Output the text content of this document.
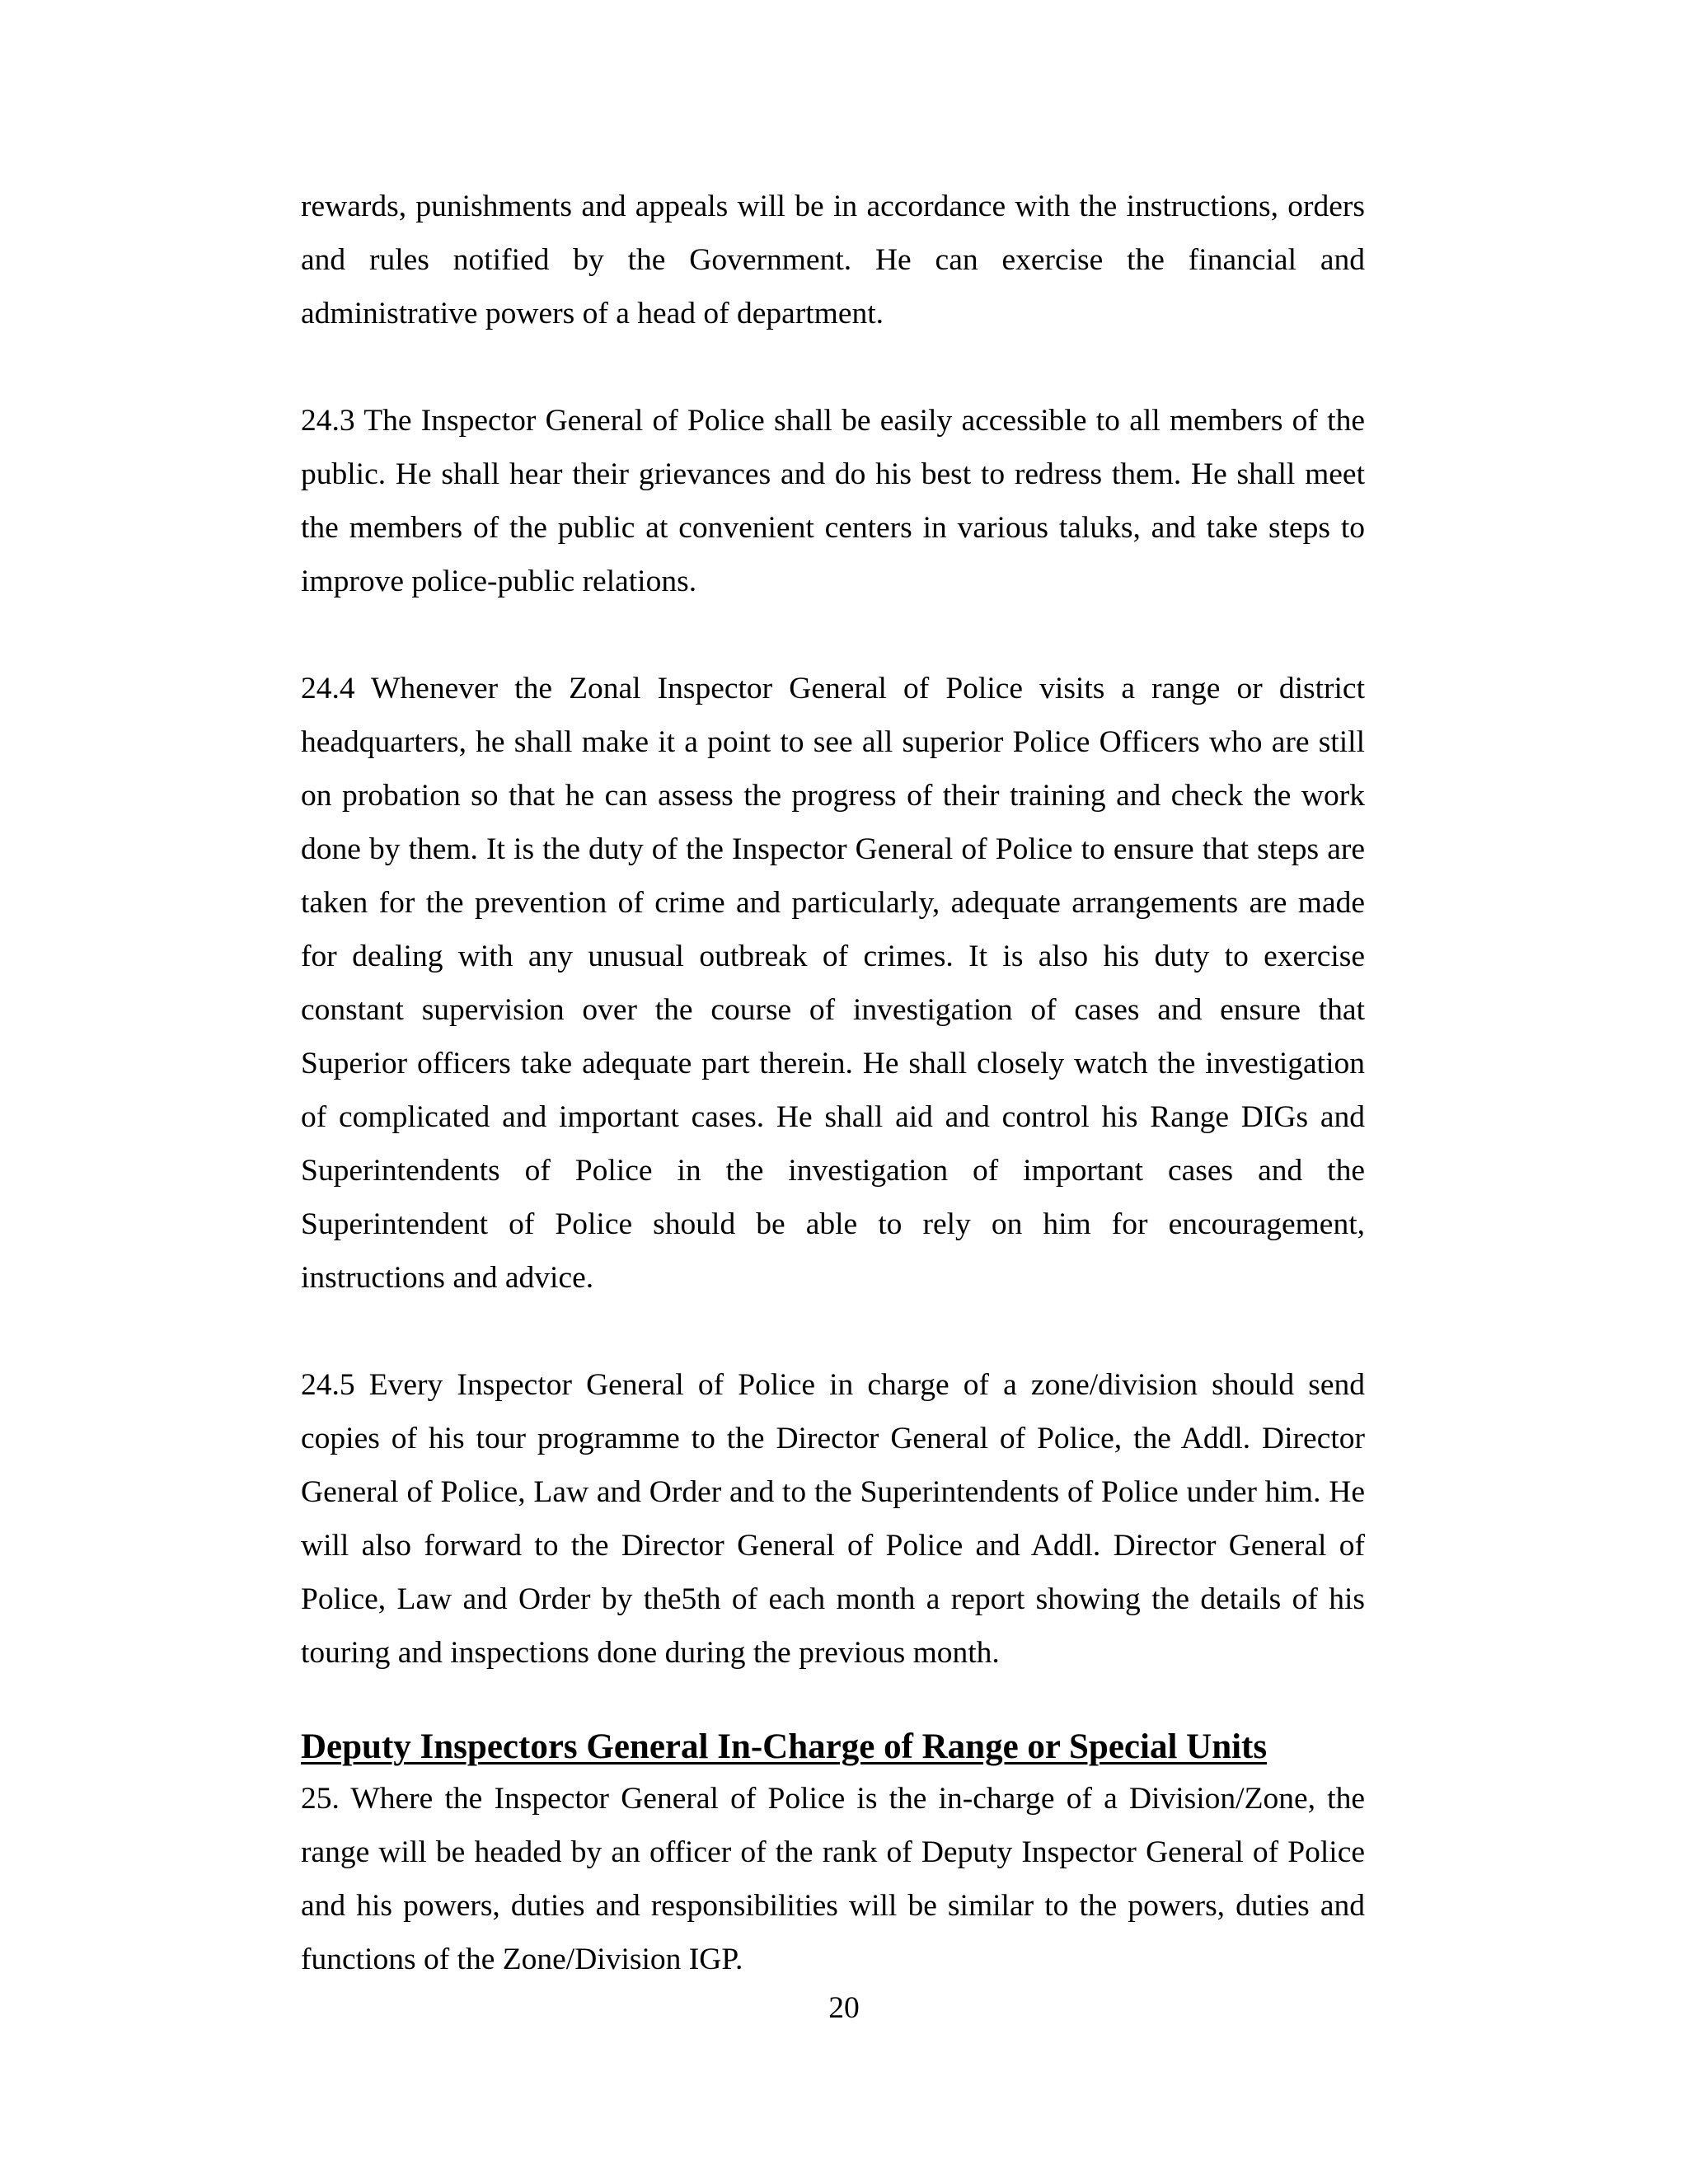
rewards, punishments and appeals will be in accordance with the instructions, orders and rules notified by the Government. He can exercise the financial and administrative powers of a head of department.

24.3 The Inspector General of Police shall be easily accessible to all members of the public. He shall hear their grievances and do his best to redress them. He shall meet the members of the public at convenient centers in various taluks, and take steps to improve police-public relations.

24.4 Whenever the Zonal Inspector General of Police visits a range or district headquarters, he shall make it a point to see all superior Police Officers who are still on probation so that he can assess the progress of their training and check the work done by them. It is the duty of the Inspector General of Police to ensure that steps are taken for the prevention of crime and particularly, adequate arrangements are made for dealing with any unusual outbreak of crimes. It is also his duty to exercise constant supervision over the course of investigation of cases and ensure that Superior officers take adequate part therein. He shall closely watch the investigation of complicated and important cases. He shall aid and control his Range DIGs and Superintendents of Police in the investigation of important cases and the Superintendent of Police should be able to rely on him for encouragement, instructions and advice.

24.5 Every Inspector General of Police in charge of a zone/division should send copies of his tour programme to the Director General of Police, the Addl. Director General of Police, Law and Order and to the Superintendents of Police under him. He will also forward to the Director General of Police and Addl. Director General of Police, Law and Order by the5th of each month a report showing the details of his touring and inspections done during the previous month.

Deputy Inspectors General In-Charge of Range or Special Units

25. Where the Inspector General of Police is the in-charge of a Division/Zone, the range will be headed by an officer of the rank of Deputy Inspector General of Police and his powers, duties and responsibilities will be similar to the powers, duties and functions of the Zone/Division IGP.

20
